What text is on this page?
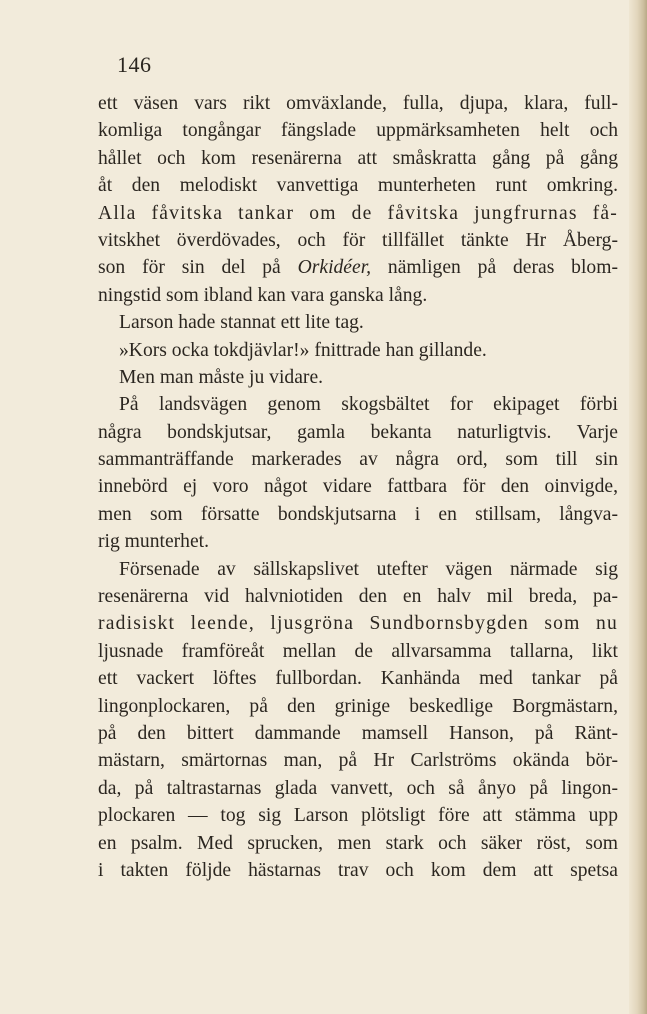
146
ett väsen vars rikt omväxlande, fulla, djupa, klara, full-
komliga tongångar fängslade uppmärksamheten helt och
hållet och kom resenärerna att småskratta gång på gång
åt den melodiskt vanvettiga munterheten runt omkring.
Alla fåvitska tankar om de fåvitska jungfrurnas få-
vitskhet överdövades, och för tillfället tänkte Hr Åberg-
son för sin del på Orkidéer, nämligen på deras blom-
ningstid som ibland kan vara ganska lång.
Larson hade stannat ett lite tag.
»Kors ocka tokdjävlar!» fnittrade han gillande.
Men man måste ju vidare.
På landsvägen genom skogsbältet for ekipaget förbi
några bondskjutsar, gamla bekanta naturligtvis. Varje
sammanträffande markerades av några ord, som till sin
innebörd ej voro något vidare fattbara för den oinvigde,
men som försatte bondskjutsarna i en stillsam, långva-
rig munterhet.
Försenade av sällskapslivet utefter vägen närmade sig
resenärerna vid halvniotiden den en halv mil breda, pa-
radisiskt leende, ljusgröna Sundbornsbygden som nu
ljusnade framföreåt mellan de allvarsamma tallarna, likt
ett vackert löftes fullbordan. Kanhända med tankar på
lingonplockaren, på den grinige beskedlige Borgmästarn,
på den bittert dammande mamsell Hanson, på Ränt-
mästarn, smärtornas man, på Hr Carlströms okända bör-
da, på taltrastarnas glada vanvett, och så ånyo på lingon-
plockaren — tog sig Larson plötsligt före att stämma upp
en psalm. Med sprucken, men stark och säker röst, som
i takten följde hästarnas trav och kom dem att spetsa
